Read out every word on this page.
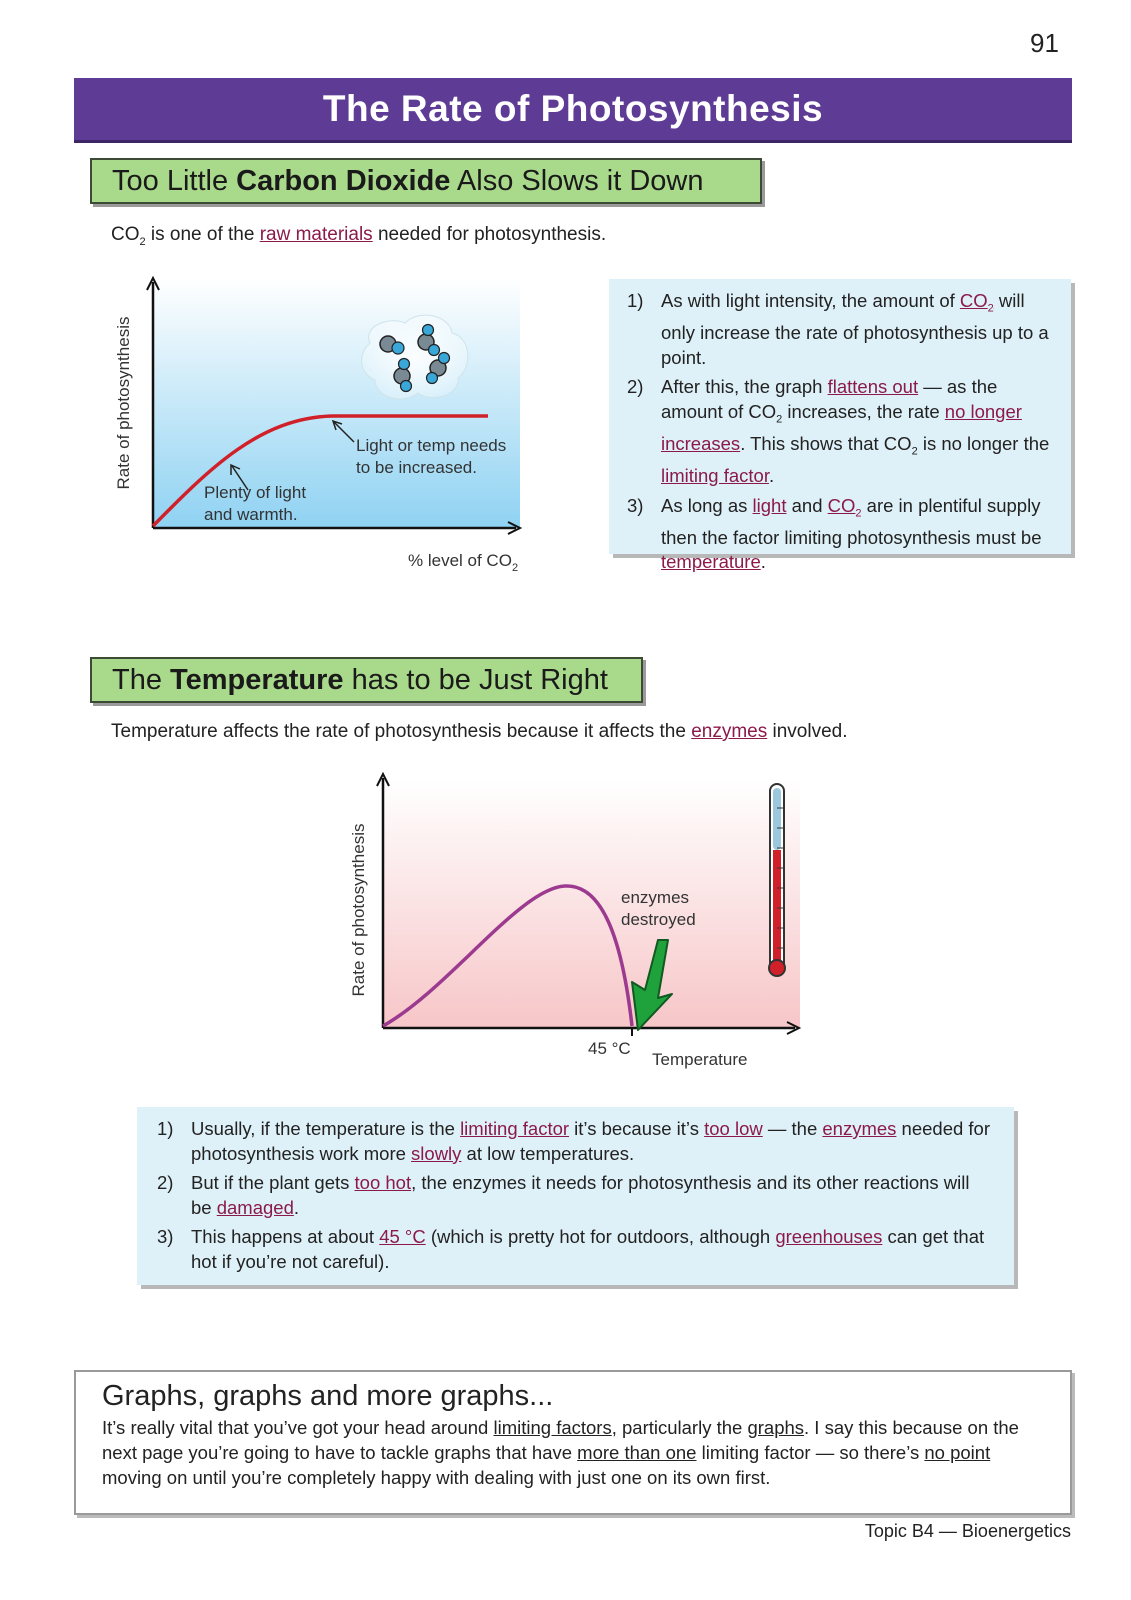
91
The Rate of Photosynthesis
Too Little Carbon Dioxide Also Slows it Down
$CO_2$ is one of the raw materials needed for photosynthesis.
Light or temp needs
to be increased.
Plenty of light
and warmth.
Rate of photosynthesis
% level of $CO_2$
1) As with light intensity, the amount of $CO_2$ will only increase the rate of photosynthesis up to a point.
2) After this, the graph flattens out — as the amount of $CO_2$ increases, the rate no longer increases. This shows that $CO_2$ is no longer the limiting factor.
3) As long as light and $CO_2$ are in plentiful supply then the factor limiting photosynthesis must be temperature.
The Temperature has to be Just Right
Temperature affects the rate of photosynthesis because it affects the enzymes involved.
enzymes
destroyed
45 °C
Temperature
Rate of photosynthesis
1) Usually, if the temperature is the limiting factor it’s because it’s too low — the enzymes needed for photosynthesis work more slowly at low temperatures.
2) But if the plant gets too hot, the enzymes it needs for photosynthesis and its other reactions will be damaged.
3) This happens at about 45 °C (which is pretty hot for outdoors, although greenhouses can get that hot if you’re not careful).
Graphs, graphs and more graphs...
It’s really vital that you’ve got your head around limiting factors, particularly the graphs. I say this because on the next page you’re going to have to tackle graphs that have more than one limiting factor — so there’s no point moving on until you’re completely happy with dealing with just one on its own first.
Topic B4 — Bioenergetics
